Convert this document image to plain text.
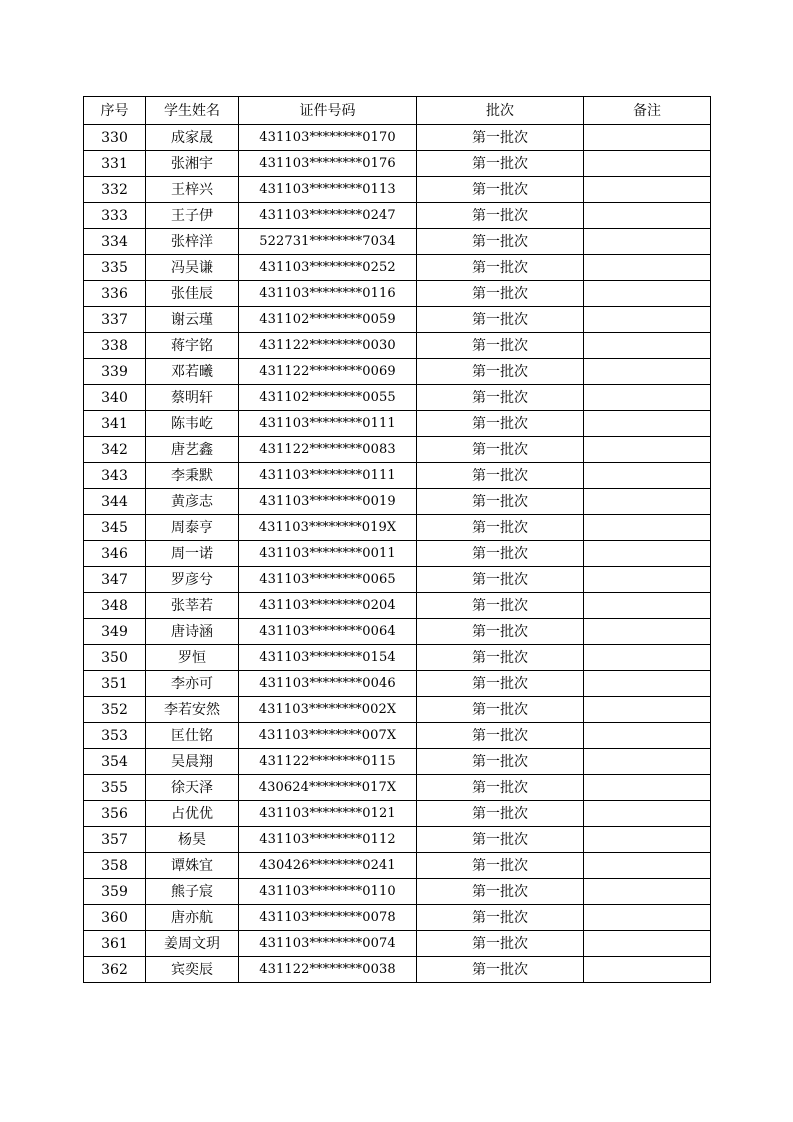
序号	学生姓名	证件号码	批次	备注
330	成家晟	431103********0170	第一批次	
331	张湘宇	431103********0176	第一批次	
332	王梓兴	431103********0113	第一批次	
333	王子伊	431103********0247	第一批次	
334	张梓洋	522731********7034	第一批次	
335	冯吴谦	431103********0252	第一批次	
336	张佳辰	431103********0116	第一批次	
337	谢云瑾	431102********0059	第一批次	
338	蒋宇铭	431122********0030	第一批次	
339	邓若曦	431122********0069	第一批次	
340	蔡明轩	431102********0055	第一批次	
341	陈韦屹	431103********0111	第一批次	
342	唐艺鑫	431122********0083	第一批次	
343	李秉默	431103********0111	第一批次	
344	黄彦志	431103********0019	第一批次	
345	周泰亨	431103********019X	第一批次	
346	周一诺	431103********0011	第一批次	
347	罗彦兮	431103********0065	第一批次	
348	张莘若	431103********0204	第一批次	
349	唐诗涵	431103********0064	第一批次	
350	罗恒	431103********0154	第一批次	
351	李亦可	431103********0046	第一批次	
352	李若安然	431103********002X	第一批次	
353	匡仕铭	431103********007X	第一批次	
354	吴晨翔	431122********0115	第一批次	
355	徐天泽	430624********017X	第一批次	
356	占优优	431103********0121	第一批次	
357	杨昊	431103********0112	第一批次	
358	谭姝宜	430426********0241	第一批次	
359	熊子宸	431103********0110	第一批次	
360	唐亦航	431103********0078	第一批次	
361	姜周文玥	431103********0074	第一批次	
362	宾奕辰	431122********0038	第一批次	
